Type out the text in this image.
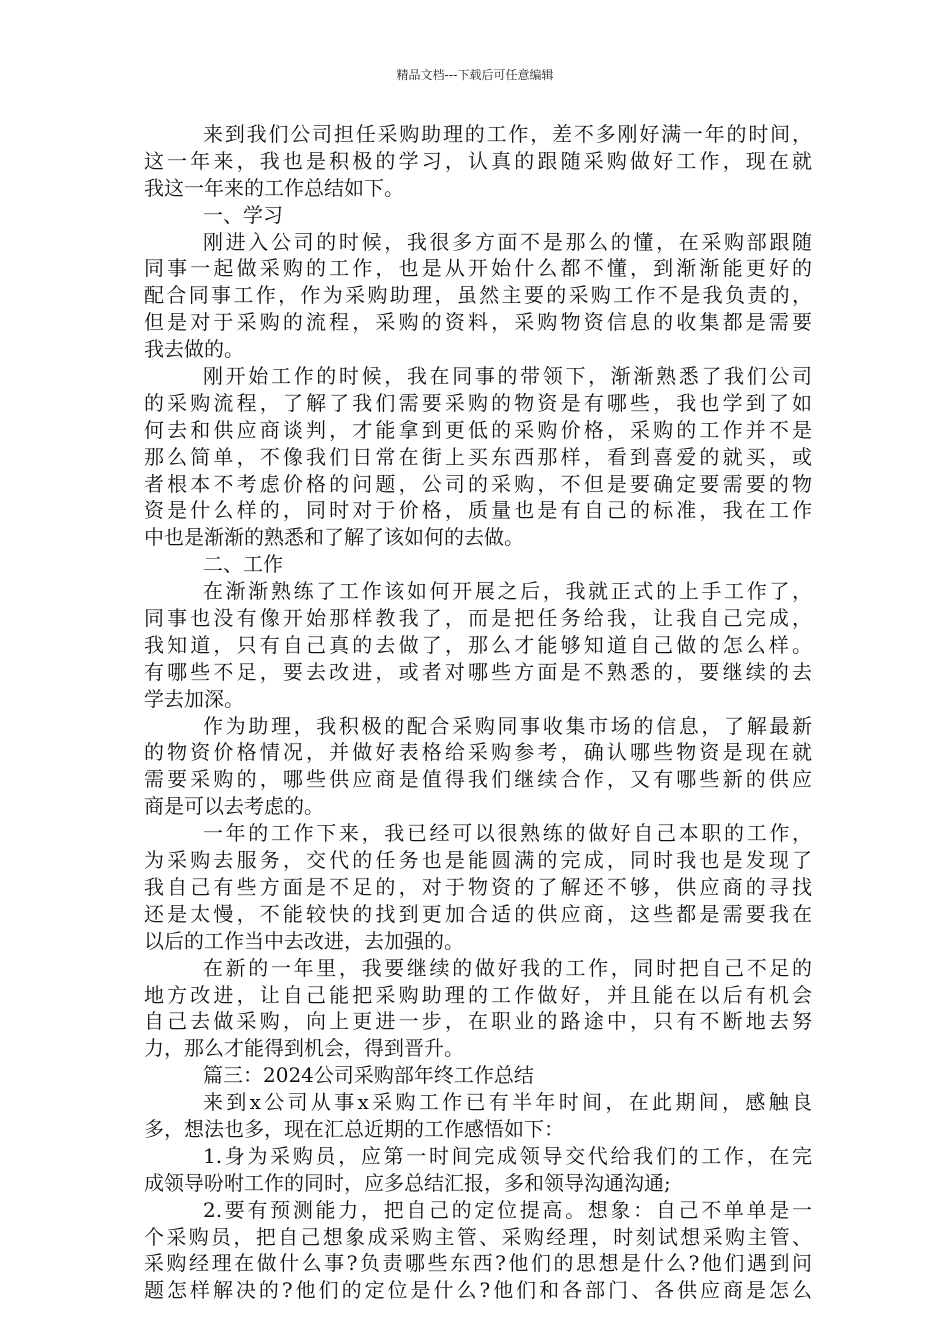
精品文档---下载后可任意编辑
来到我们公司担任采购助理的工作，差不多刚好满一年的时间，
这一年来，我也是积极的学习，认真的跟随采购做好工作，现在就
我这一年来的工作总结如下。
一、学习
刚进入公司的时候，我很多方面不是那么的懂，在采购部跟随
同事一起做采购的工作，也是从开始什么都不懂，到渐渐能更好的
配合同事工作，作为采购助理，虽然主要的采购工作不是我负责的，
但是对于采购的流程，采购的资料，采购物资信息的收集都是需要
我去做的。
刚开始工作的时候，我在同事的带领下，渐渐熟悉了我们公司
的采购流程，了解了我们需要采购的物资是有哪些，我也学到了如
何去和供应商谈判，才能拿到更低的采购价格，采购的工作并不是
那么简单，不像我们日常在街上买东西那样，看到喜爱的就买，或
者根本不考虑价格的问题，公司的采购，不但是要确定要需要的物
资是什么样的，同时对于价格，质量也是有自己的标准，我在工作
中也是渐渐的熟悉和了解了该如何的去做。
二、工作
在渐渐熟练了工作该如何开展之后，我就正式的上手工作了，
同事也没有像开始那样教我了，而是把任务给我，让我自己完成，
我知道，只有自己真的去做了，那么才能够知道自己做的怎么样。
有哪些不足，要去改进，或者对哪些方面是不熟悉的，要继续的去
学去加深。
作为助理，我积极的配合采购同事收集市场的信息，了解最新
的物资价格情况，并做好表格给采购参考，确认哪些物资是现在就
需要采购的，哪些供应商是值得我们继续合作，又有哪些新的供应
商是可以去考虑的。
一年的工作下来，我已经可以很熟练的做好自己本职的工作，
为采购去服务，交代的任务也是能圆满的完成，同时我也是发现了
我自己有些方面是不足的，对于物资的了解还不够，供应商的寻找
还是太慢，不能较快的找到更加合适的供应商，这些都是需要我在
以后的工作当中去改进，去加强的。
在新的一年里，我要继续的做好我的工作，同时把自己不足的
地方改进，让自己能把采购助理的工作做好，并且能在以后有机会
自己去做采购，向上更进一步，在职业的路途中，只有不断地去努
力，那么才能得到机会，得到晋升。
篇三：2024公司采购部年终工作总结
来到x公司从事x采购工作已有半年时间，在此期间，感触良
多，想法也多，现在汇总近期的工作感悟如下：
1.身为采购员，应第一时间完成领导交代给我们的工作，在完
成领导吩咐工作的同时，应多总结汇报，多和领导沟通沟通;
2.要有预测能力，把自己的定位提高。想象：自己不单单是一
个采购员，把自己想象成采购主管、采购经理，时刻试想采购主管、
采购经理在做什么事?负责哪些东西?他们的思想是什么?他们遇到问
题怎样解决的?他们的定位是什么?他们和各部门、各供应商是怎么
